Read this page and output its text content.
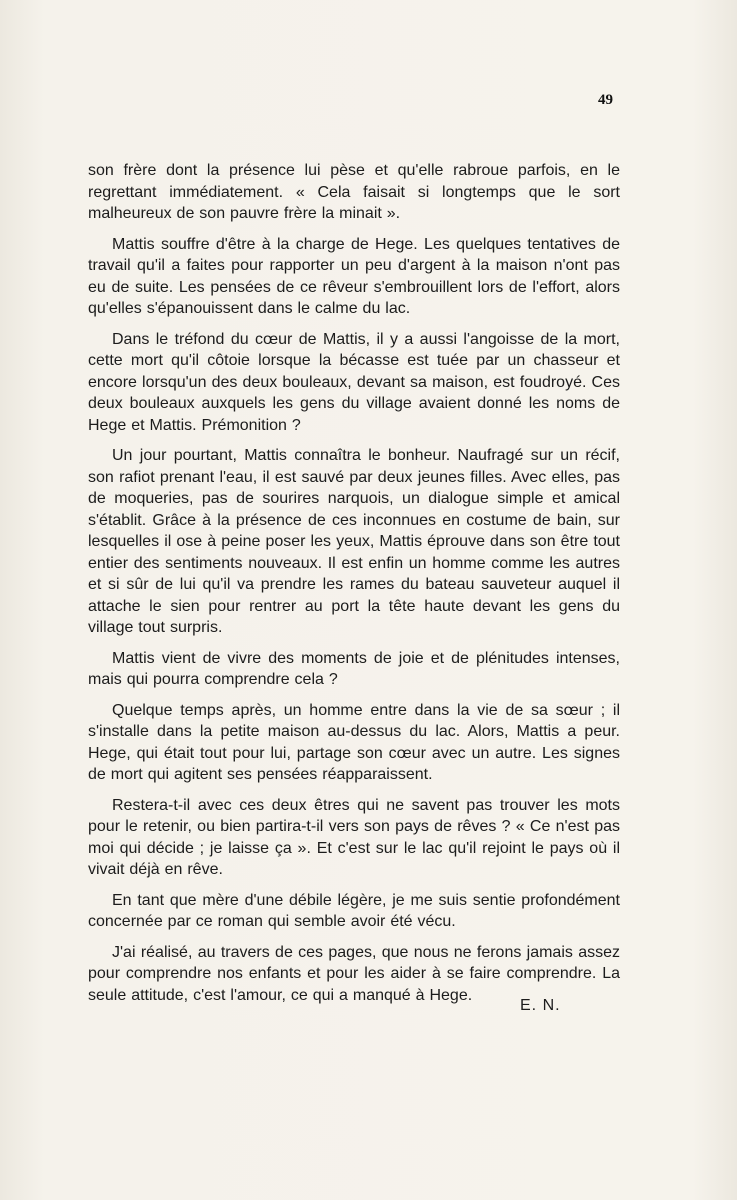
49

son frère dont la présence lui pèse et qu'elle rabroue parfois, en le regrettant immédiatement. « Cela faisait si longtemps que le sort malheureux de son pauvre frère la minait ».

Mattis souffre d'être à la charge de Hege. Les quelques tentatives de travail qu'il a faites pour rapporter un peu d'argent à la maison n'ont pas eu de suite. Les pensées de ce rêveur s'embrouillent lors de l'effort, alors qu'elles s'épanouissent dans le calme du lac.

Dans le tréfond du cœur de Mattis, il y a aussi l'angoisse de la mort, cette mort qu'il côtoie lorsque la bécasse est tuée par un chasseur et encore lorsqu'un des deux bouleaux, devant sa maison, est foudroyé. Ces deux bouleaux auxquels les gens du village avaient donné les noms de Hege et Mattis. Prémonition ?

Un jour pourtant, Mattis connaîtra le bonheur. Naufragé sur un récif, son rafiot prenant l'eau, il est sauvé par deux jeunes filles. Avec elles, pas de moqueries, pas de sourires narquois, un dialogue simple et amical s'établit. Grâce à la présence de ces inconnues en costume de bain, sur lesquelles il ose à peine poser les yeux, Mattis éprouve dans son être tout entier des sentiments nouveaux. Il est enfin un homme comme les autres et si sûr de lui qu'il va prendre les rames du bateau sauveteur auquel il attache le sien pour rentrer au port la tête haute devant les gens du village tout surpris.

Mattis vient de vivre des moments de joie et de plénitudes intenses, mais qui pourra comprendre cela ?

Quelque temps après, un homme entre dans la vie de sa sœur ; il s'installe dans la petite maison au-dessus du lac. Alors, Mattis a peur. Hege, qui était tout pour lui, partage son cœur avec un autre. Les signes de mort qui agitent ses pensées réapparaissent.

Restera-t-il avec ces deux êtres qui ne savent pas trouver les mots pour le retenir, ou bien partira-t-il vers son pays de rêves ? « Ce n'est pas moi qui décide ; je laisse ça ». Et c'est sur le lac qu'il rejoint le pays où il vivait déjà en rêve.

En tant que mère d'une débile légère, je me suis sentie profondément concernée par ce roman qui semble avoir été vécu.

J'ai réalisé, au travers de ces pages, que nous ne ferons jamais assez pour comprendre nos enfants et pour les aider à se faire comprendre. La seule attitude, c'est l'amour, ce qui a manqué à Hege.

E. N.
